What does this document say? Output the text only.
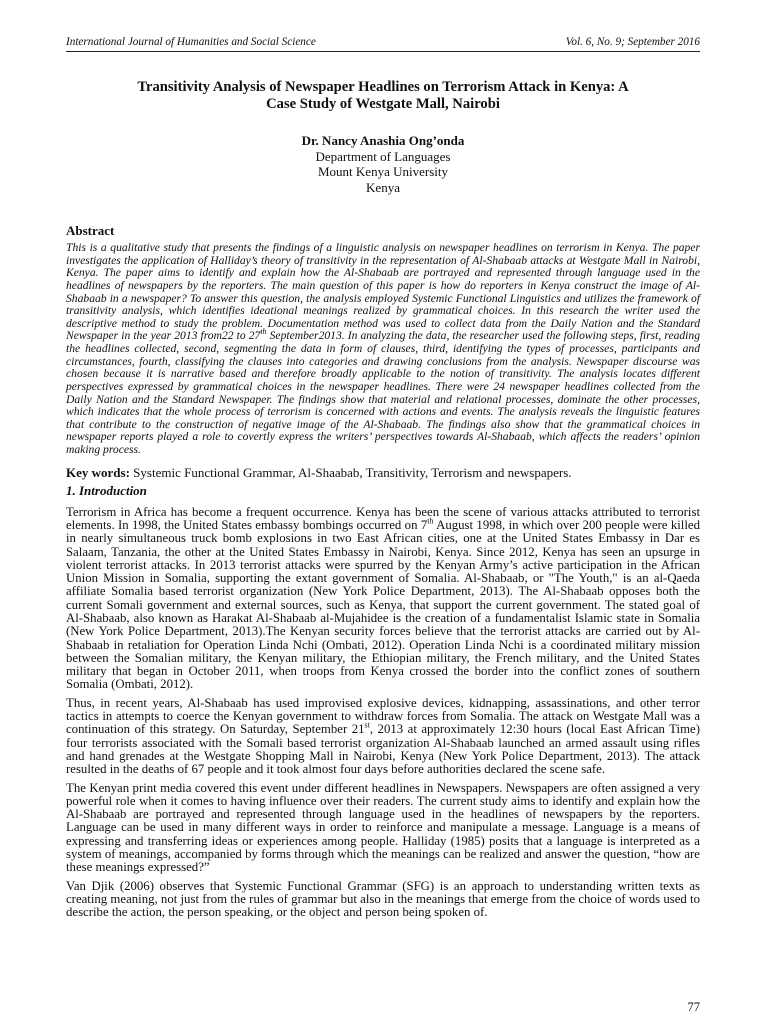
International Journal of Humanities and Social Science	Vol. 6, No. 9; September 2016
Transitivity Analysis of Newspaper Headlines on Terrorism Attack in Kenya: A
Case Study of Westgate Mall, Nairobi
Dr. Nancy Anashia Ong’onda
Department of Languages
Mount Kenya University
Kenya
Abstract
This is a qualitative study that presents the findings of a linguistic analysis on newspaper headlines on terrorism in Kenya. The paper investigates the application of Halliday’s theory of transitivity in the representation of Al-Shabaab attacks at Westgate Mall in Nairobi, Kenya. The paper aims to identify and explain how the Al-Shabaab are portrayed and represented through language used in the headlines of newspapers by the reporters. The main question of this paper is how do reporters in Kenya construct the image of Al-Shabaab in a newspaper? To answer this question, the analysis employed Systemic Functional Linguistics and utilizes the framework of transitivity analysis, which identifies ideational meanings realized by grammatical choices. In this research the writer used the descriptive method to study the problem. Documentation method was used to collect data from the Daily Nation and the Standard Newspaper in the year 2013 from22 to 27th September2013. In analyzing the data, the researcher used the following steps, first, reading the headlines collected, second, segmenting the data in form of clauses, third, identifying the types of processes, participants and circumstances, fourth, classifying the clauses into categories and drawing conclusions from the analysis. Newspaper discourse was chosen because it is narrative based and therefore broadly applicable to the notion of transitivity. The analysis locates different perspectives expressed by grammatical choices in the newspaper headlines. There were 24 newspaper headlines collected from the Daily Nation and the Standard Newspaper. The findings show that material and relational processes, dominate the other processes, which indicates that the whole process of terrorism is concerned with actions and events. The analysis reveals the linguistic features that contribute to the construction of negative image of the Al-Shabaab. The findings also show that the grammatical choices in newspaper reports played a role to covertly express the writers’ perspectives towards Al-Shabaab, which affects the readers’ opinion making process.
Key words: Systemic Functional Grammar, Al-Shaabab, Transitivity, Terrorism and newspapers.
1. Introduction
Terrorism in Africa has become a frequent occurrence. Kenya has been the scene of various attacks attributed to terrorist elements. In 1998, the United States embassy bombings occurred on 7th August 1998, in which over 200 people were killed in nearly simultaneous truck bomb explosions in two East African cities, one at the United States Embassy in Dar es Salaam, Tanzania, the other at the United States Embassy in Nairobi, Kenya. Since 2012, Kenya has seen an upsurge in violent terrorist attacks. In 2013 terrorist attacks were spurred by the Kenyan Army’s active participation in the African Union Mission in Somalia, supporting the extant government of Somalia. Al-Shabaab, or "The Youth," is an al-Qaeda affiliate Somalia based terrorist organization (New York Police Department, 2013). The Al-Shabaab opposes both the current Somali government and external sources, such as Kenya, that support the current government. The stated goal of Al-Shabaab, also known as Harakat Al-Shabaab al-Mujahidee is the creation of a fundamentalist Islamic state in Somalia (New York Police Department, 2013).The Kenyan security forces believe that the terrorist attacks are carried out by Al-Shabaab in retaliation for Operation Linda Nchi (Ombati, 2012). Operation Linda Nchi is a coordinated military mission between the Somalian military, the Kenyan military, the Ethiopian military, the French military, and the United States military that began in October 2011, when troops from Kenya crossed the border into the conflict zones of southern Somalia (Ombati, 2012).
Thus, in recent years, Al-Shabaab has used improvised explosive devices, kidnapping, assassinations, and other terror tactics in attempts to coerce the Kenyan government to withdraw forces from Somalia. The attack on Westgate Mall was a continuation of this strategy. On Saturday, September 21st, 2013 at approximately 12:30 hours (local East African Time) four terrorists associated with the Somali based terrorist organization Al-Shabaab launched an armed assault using rifles and hand grenades at the Westgate Shopping Mall in Nairobi, Kenya (New York Police Department, 2013). The attack resulted in the deaths of 67 people and it took almost four days before authorities declared the scene safe.
The Kenyan print media covered this event under different headlines in Newspapers. Newspapers are often assigned a very powerful role when it comes to having influence over their readers. The current study aims to identify and explain how the Al-Shabaab are portrayed and represented through language used in the headlines of newspapers by the reporters. Language can be used in many different ways in order to reinforce and manipulate a message. Language is a means of expressing and transferring ideas or experiences among people. Halliday (1985) posits that a language is interpreted as a system of meanings, accompanied by forms through which the meanings can be realized and answer the question, “how are these meanings expressed?”
Van Djik (2006) observes that Systemic Functional Grammar (SFG) is an approach to understanding written texts as creating meaning, not just from the rules of grammar but also in the meanings that emerge from the choice of words used to describe the action, the person speaking, or the object and person being spoken of.
77
